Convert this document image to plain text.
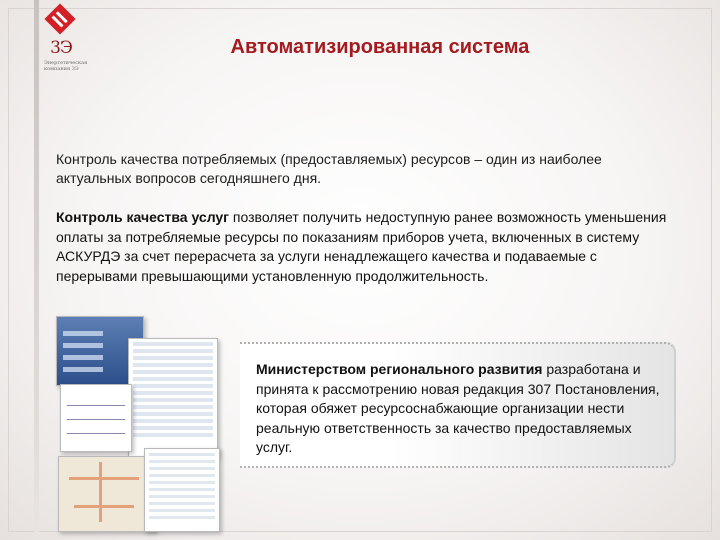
3Э
Энергетическая компания 3Э
Автоматизированная система

Контроль качества потребляемых (предоставляемых) ресурсов – один из наиболее актуальных вопросов сегодняшнего дня.

Контроль качества услуг позволяет получить недоступную ранее возможность уменьшения оплаты за потребляемые ресурсы по показаниям приборов учета, включенных в систему АСКУРДЭ за счет перерасчета за услуги ненадлежащего качества и подаваемые с перерывами превышающими установленную продолжительность.

Министерством регионального развития разработана и принята к рассмотрению новая редакция 307 Постановления, которая обяжет ресурсоснабжающие организации нести реальную ответственность за качество предоставляемых услуг.
